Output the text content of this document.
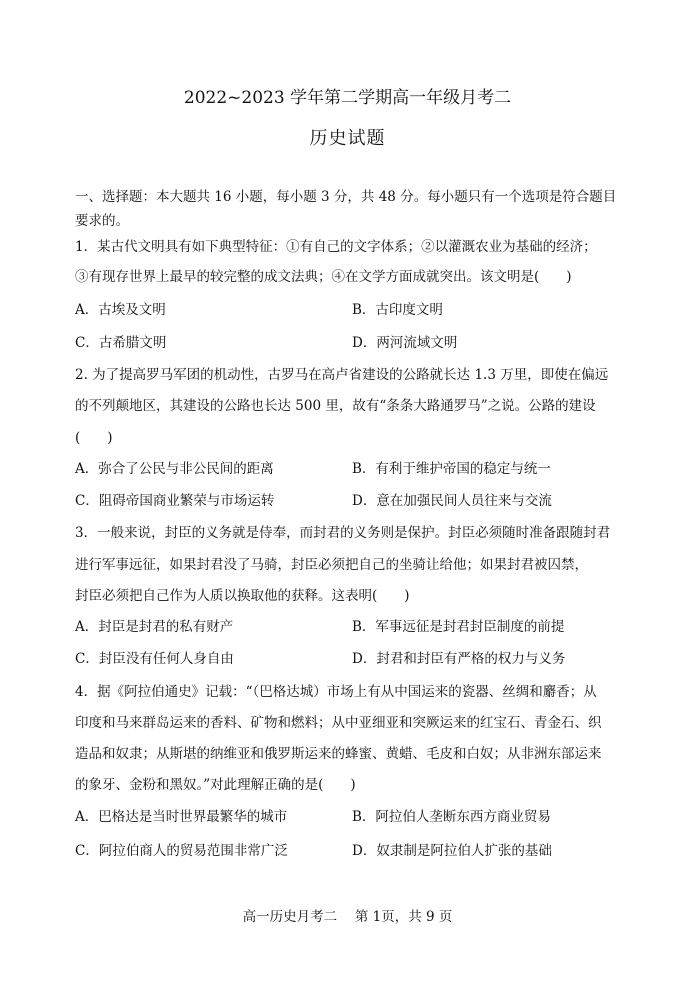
2022~2023 学年第二学期高一年级月考二
历史试题
一、选择题：本大题共 16 小题，每小题 3 分，共 48 分。每小题只有一个选项是符合题目
要求的。
1．某古代文明具有如下典型特征：①有自己的文字体系；②以灌溉农业为基础的经济；
③有现存世界上最早的较完整的成文法典；④在文学方面成就突出。该文明是(　　)
A．古埃及文明	B．古印度文明
C．古希腊文明	D．两河流域文明
2. 为了提高罗马军团的机动性，古罗马在高卢省建设的公路就长达 1.3 万里，即使在偏远
的不列颠地区，其建设的公路也长达 500 里，故有“条条大路通罗马”之说。公路的建设
(　　)
A．弥合了公民与非公民间的距离	B．有利于维护帝国的稳定与统一
C．阻碍帝国商业繁荣与市场运转	D．意在加强民间人员往来与交流
3．一般来说，封臣的义务就是侍奉，而封君的义务则是保护。封臣必须随时准备跟随封君
进行军事远征，如果封君没了马骑，封臣必须把自己的坐骑让给他；如果封君被囚禁，
封臣必须把自己作为人质以换取他的获释。这表明(　　)
A．封臣是封君的私有财产	B．军事远征是封君封臣制度的前提
C．封臣没有任何人身自由	D．封君和封臣有严格的权力与义务
4．据《阿拉伯通史》记载：“（巴格达城）市场上有从中国运来的瓷器、丝绸和麝香；从
印度和马来群岛运来的香料、矿物和燃料；从中亚细亚和突厥运来的红宝石、青金石、织
造品和奴隶；从斯堪的纳维亚和俄罗斯运来的蜂蜜、黄蜡、毛皮和白奴；从非洲东部运来
的象牙、金粉和黑奴。”对此理解正确的是(　　)
A．巴格达是当时世界最繁华的城市	B．阿拉伯人垄断东西方商业贸易
C．阿拉伯商人的贸易范围非常广泛	D．奴隶制是阿拉伯人扩张的基础
高一历史月考二　 第 1页，共 9 页
